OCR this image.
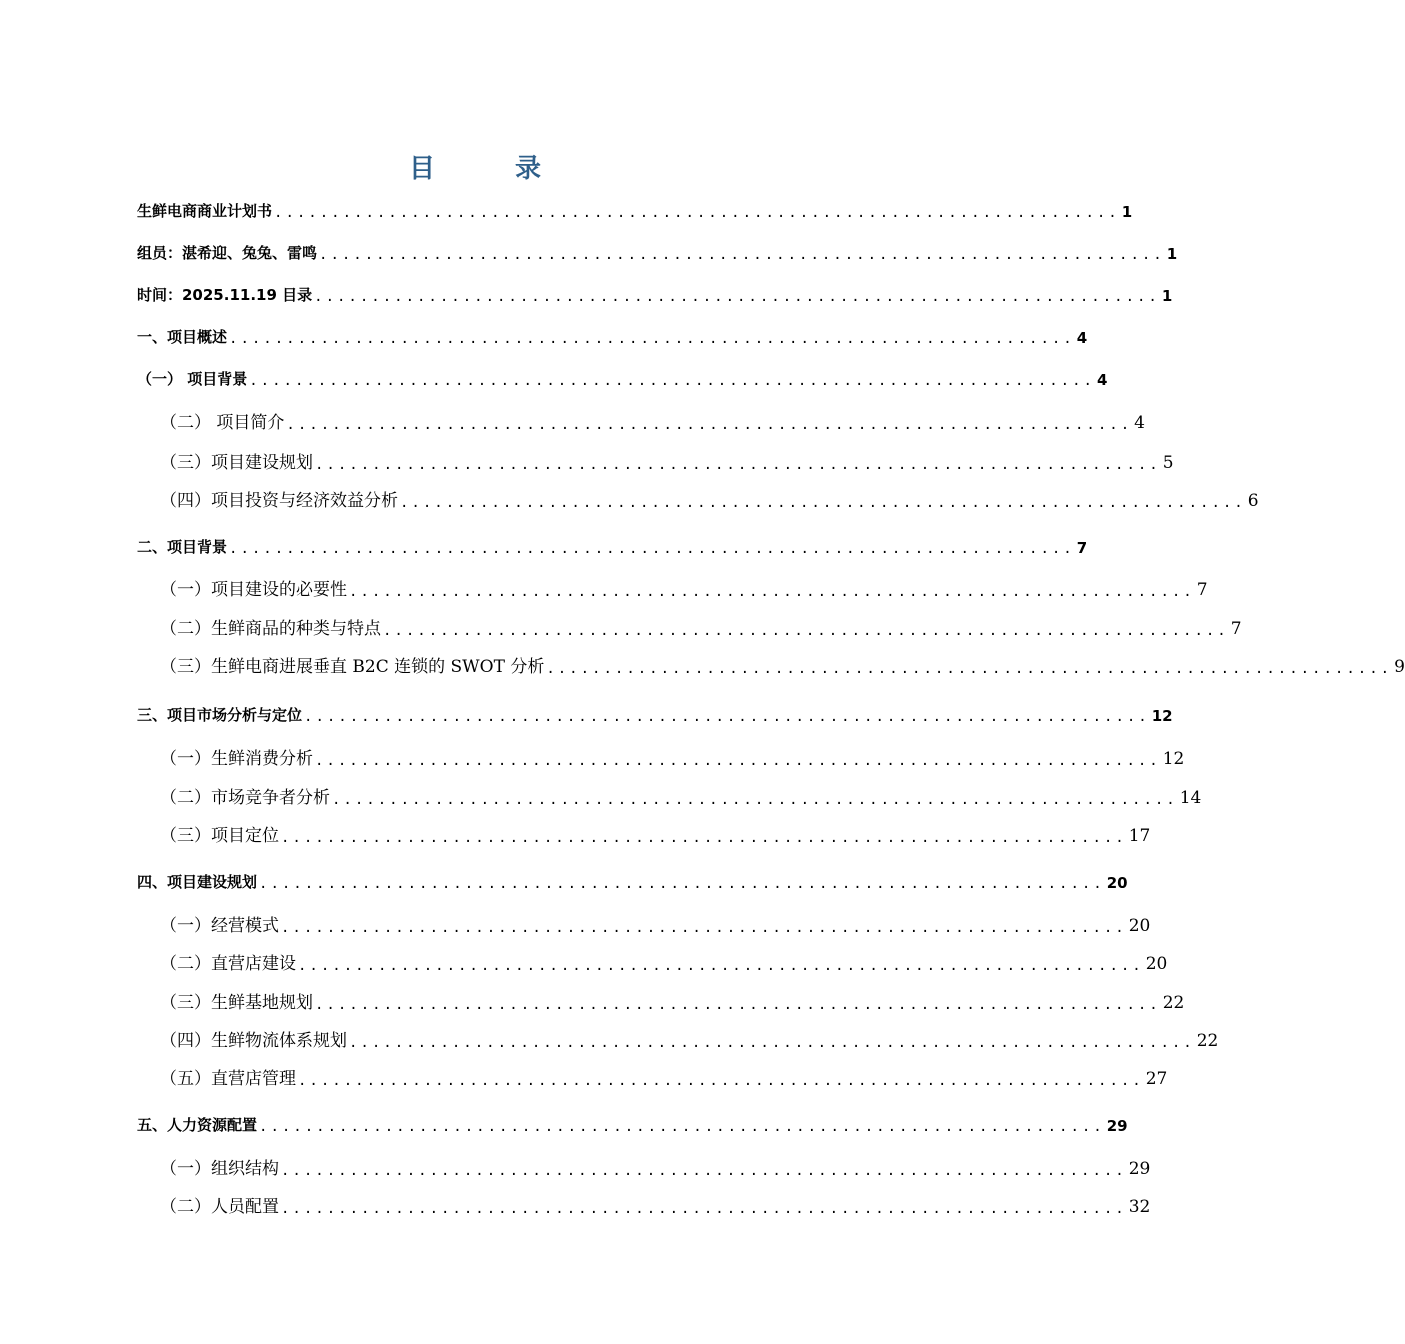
目	录
生鲜电商商业计划书 .......................................................................... 1
组员：湛希迎、兔兔、雷鸣 .......................................................................... 1
时间：2025.11.19 目 录 .......................................................................... 1
一、项目概述 .......................................................................... 4
（一） 项目背景 .......................................................................... 4
（二） 项目简介 .......................................................................... 4
（三）项目建设规划 .......................................................................... 5
（四）项目投资与经济效益分析 .......................................................................... 6
二、项目背景 .......................................................................... 7
（一）项目建设的必要性 .......................................................................... 7
（二）生鲜商品的种类与特点 .......................................................................... 7
（三）生鲜电商进展垂直 B2C 连锁的 SWOT 分析 .......................................................................... 9
三、项目市场分析与定位 .......................................................................... 12
（一）生鲜消费分析 .......................................................................... 12
（二）市场竞争者分析 .......................................................................... 14
（三）项目定位 .......................................................................... 17
四、项目建设规划 .......................................................................... 20
（一）经营模式 .......................................................................... 20
（二）直营店建设 .......................................................................... 20
（三）生鲜基地规划 .......................................................................... 22
（四）生鲜物流体系规划 .......................................................................... 22
（五）直营店管理 .......................................................................... 27
五、人力资源配置 .......................................................................... 29
（一）组织结构 .......................................................................... 29
（二）人员配置 .......................................................................... 32
